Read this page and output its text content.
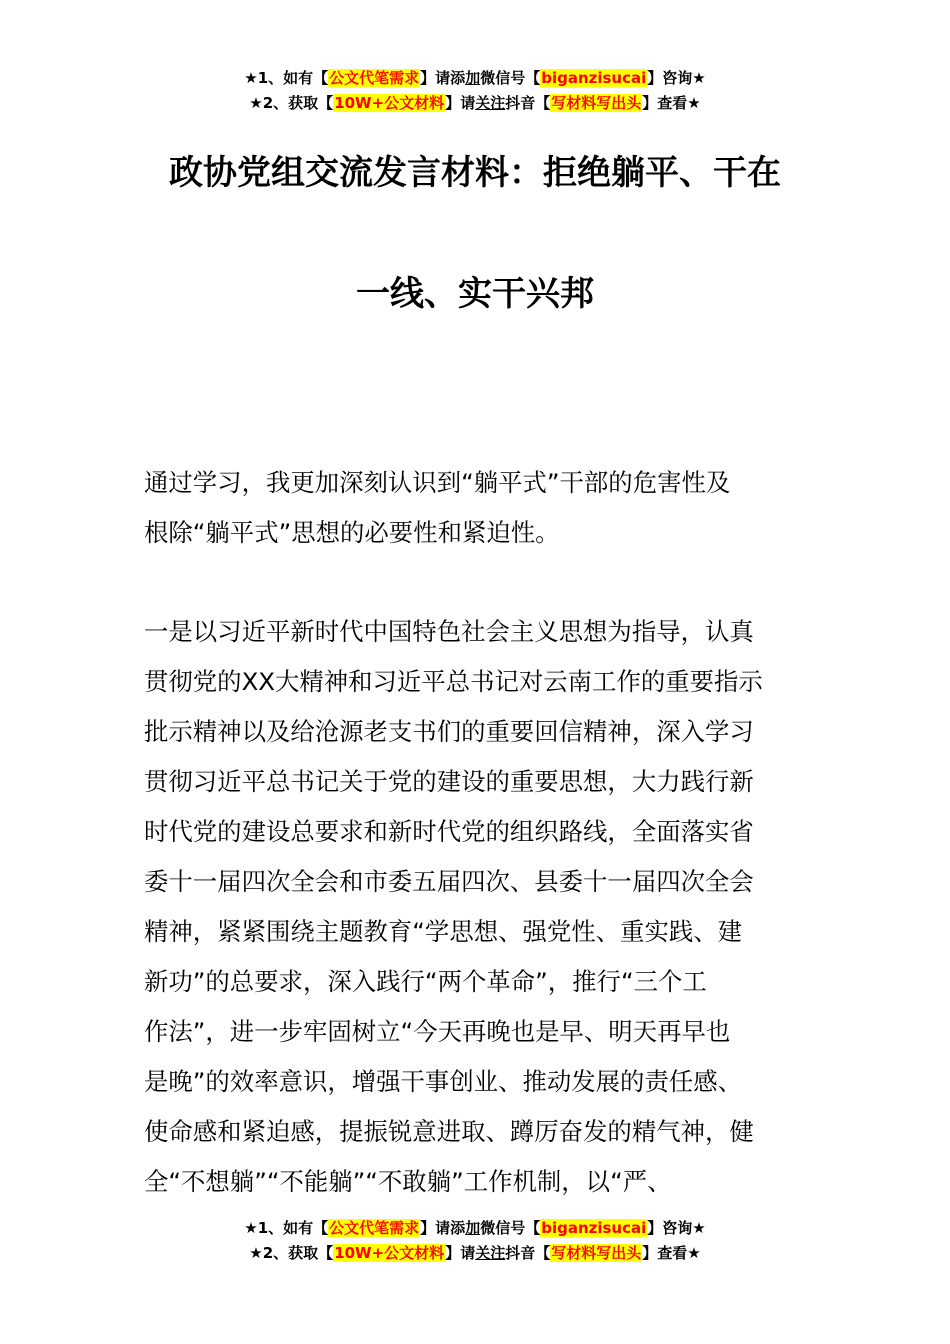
★1、如有【公文代笔需求】请添加微信号【biganzisucai】咨询★
★2、获取【10W+公文材料】请关注抖音【写材料写出头】查看★
政协党组交流发言材料：拒绝躺平、干在
一线、实干兴邦
通过学习，我更加深刻认识到“躺平式”干部的危害性及
根除“躺平式”思想的必要性和紧迫性。
一是以习近平新时代中国特色社会主义思想为指导，认真
贯彻党的XX大精神和习近平总书记对云南工作的重要指示
批示精神以及给沧源老支书们的重要回信精神，深入学习
贯彻习近平总书记关于党的建设的重要思想，大力践行新
时代党的建设总要求和新时代党的组织路线，全面落实省
委十一届四次全会和市委五届四次、县委十一届四次全会
精神，紧紧围绕主题教育“学思想、强党性、重实践、建
新功”的总要求，深入践行“两个革命”，推行“三个工
作法”，进一步牢固树立“今天再晚也是早、明天再早也
是晚”的效率意识，增强干事创业、推动发展的责任感、
使命感和紧迫感，提振锐意进取、蹲厉奋发的精气神，健
全“不想躺”“不能躺”“不敢躺”工作机制，以“严、
★1、如有【公文代笔需求】请添加微信号【biganzisucai】咨询★
★2、获取【10W+公文材料】请关注抖音【写材料写出头】查看★
